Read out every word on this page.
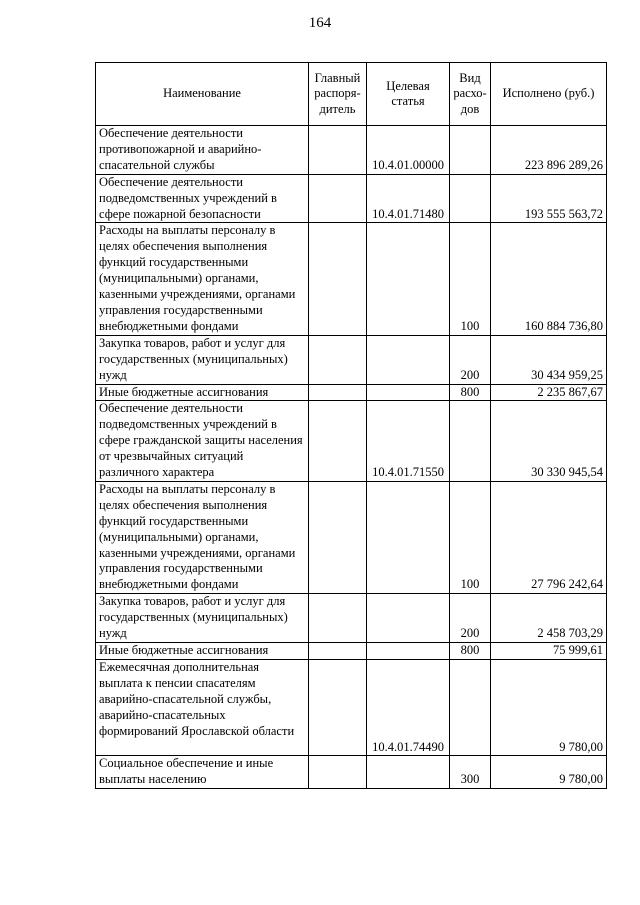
164
Наименование	Главный распоря-дитель	Целевая статья	Вид расхо-дов	Исполнено (руб.)
Обеспечение деятельности противопожарной и аварийно-спасательной службы		10.4.01.00000		223 896 289,26
Обеспечение деятельности подведомственных учреждений в сфере пожарной безопасности		10.4.01.71480		193 555 563,72
Расходы на выплаты персоналу в целях обеспечения выполнения функций государственными (муниципальными) органами, казенными учреждениями, органами управления государственными внебюджетными фондами			100	160 884 736,80
Закупка товаров, работ и услуг для государственных (муниципальных) нужд			200	30 434 959,25
Иные бюджетные ассигнования			800	2 235 867,67
Обеспечение деятельности подведомственных учреждений в сфере гражданской защиты населения от чрезвычайных ситуаций различного характера		10.4.01.71550		30 330 945,54
Расходы на выплаты персоналу в целях обеспечения выполнения функций государственными (муниципальными) органами, казенными учреждениями, органами управления государственными внебюджетными фондами			100	27 796 242,64
Закупка товаров, работ и услуг для государственных (муниципальных) нужд			200	2 458 703,29
Иные бюджетные ассигнования			800	75 999,61
Ежемесячная дополнительная выплата к пенсии спасателям аварийно-спасательной службы, аварийно-спасательных формирований Ярославской области		10.4.01.74490		9 780,00
Социальное обеспечение и иные выплаты населению			300	9 780,00
